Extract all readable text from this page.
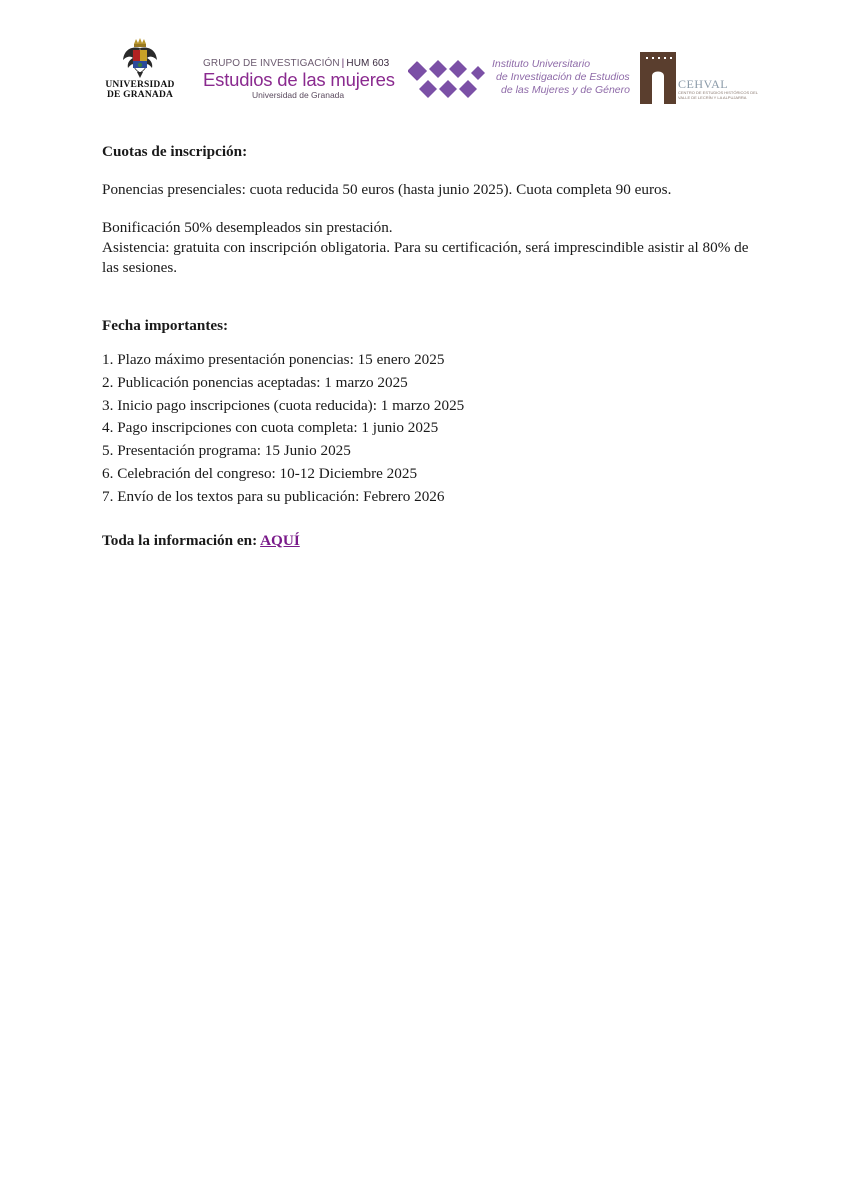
UNIVERSIDAD
DE GRANADA
GRUPO DE INVESTIGACIÓN | HUM 603
Estudios de las mujeres
Universidad de Granada
Instituto Universitario
de Investigación de Estudios
de las Mujeres y de Género	CEHVAL
CENTRO DE ESTUDIOS HISTÓRICOS DEL VALLE DE LECRÍN Y LA ALPUJARRA

Cuotas de inscripción:

Ponencias presenciales: cuota reducida 50 euros (hasta junio 2025). Cuota completa 90 euros.

Bonificación 50% desempleados sin prestación.

Asistencia: gratuita con inscripción obligatoria. Para su certificación, será imprescindible asistir al 80% de las sesiones.

Fecha importantes:

1. Plazo máximo presentación ponencias: 15 enero 2025
2. Publicación ponencias aceptadas: 1 marzo 2025
3. Inicio pago inscripciones (cuota reducida): 1 marzo 2025
4. Pago inscripciones con cuota completa: 1 junio 2025
5. Presentación programa: 15 Junio 2025
6. Celebración del congreso: 10-12 Diciembre 2025
7. Envío de los textos para su publicación: Febrero 2026

Toda la información en: AQUÍ
